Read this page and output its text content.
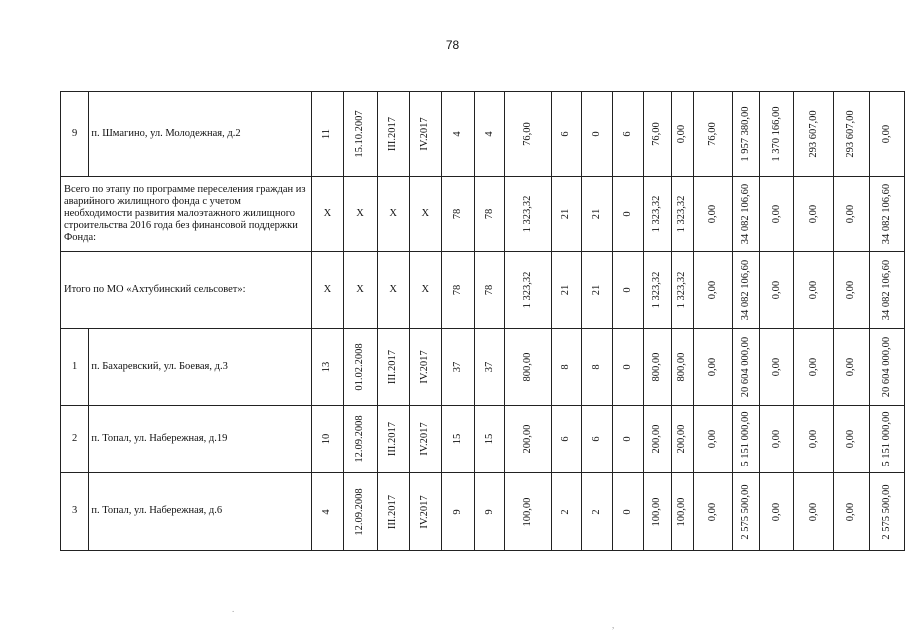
78
9	п. Шмагино, ул. Молодежная, д.2	11	15.10.2007	III.2017	IV.2017	4	4	76,00	6	0	6	76,00	0,00	76,00	1 957 380,00	1 370 166,00	293 607,00	293 607,00	0,00

Всего по этапу по программе переселения граждан из аварийного жилищного фонда с учетом необходимости развития малоэтажного жилищного строительства 2016 года без финансовой поддержки Фонда:		X	X	X	X	78	78	1 323,32	21	21	0	1 323,32	1 323,32	0,00	34 082 106,60	0,00	0,00	0,00	34 082 106,60

Итого по МО «Ахтубинский сельсовет»:		X	X	X	X	78	78	1 323,32	21	21	0	1 323,32	1 323,32	0,00	34 082 106,60	0,00	0,00	0,00	34 082 106,60

1	п. Бахаревский, ул. Боевая, д.3	13	01.02.2008	III.2017	IV.2017	37	37	800,00	8	8	0	800,00	800,00	0,00	20 604 000,00	0,00	0,00	0,00	20 604 000,00

2	п. Топал, ул. Набережная, д.19	10	12.09.2008	III.2017	IV.2017	15	15	200,00	6	6	0	200,00	200,00	0,00	5 151 000,00	0,00	0,00	0,00	5 151 000,00

3	п. Топал, ул. Набережная, д.6	4	12.09.2008	III.2017	IV.2017	9	9	100,00	2	2	0	100,00	100,00	0,00	2 575 500,00	0,00	0,00	0,00	2 575 500,00
.
,
